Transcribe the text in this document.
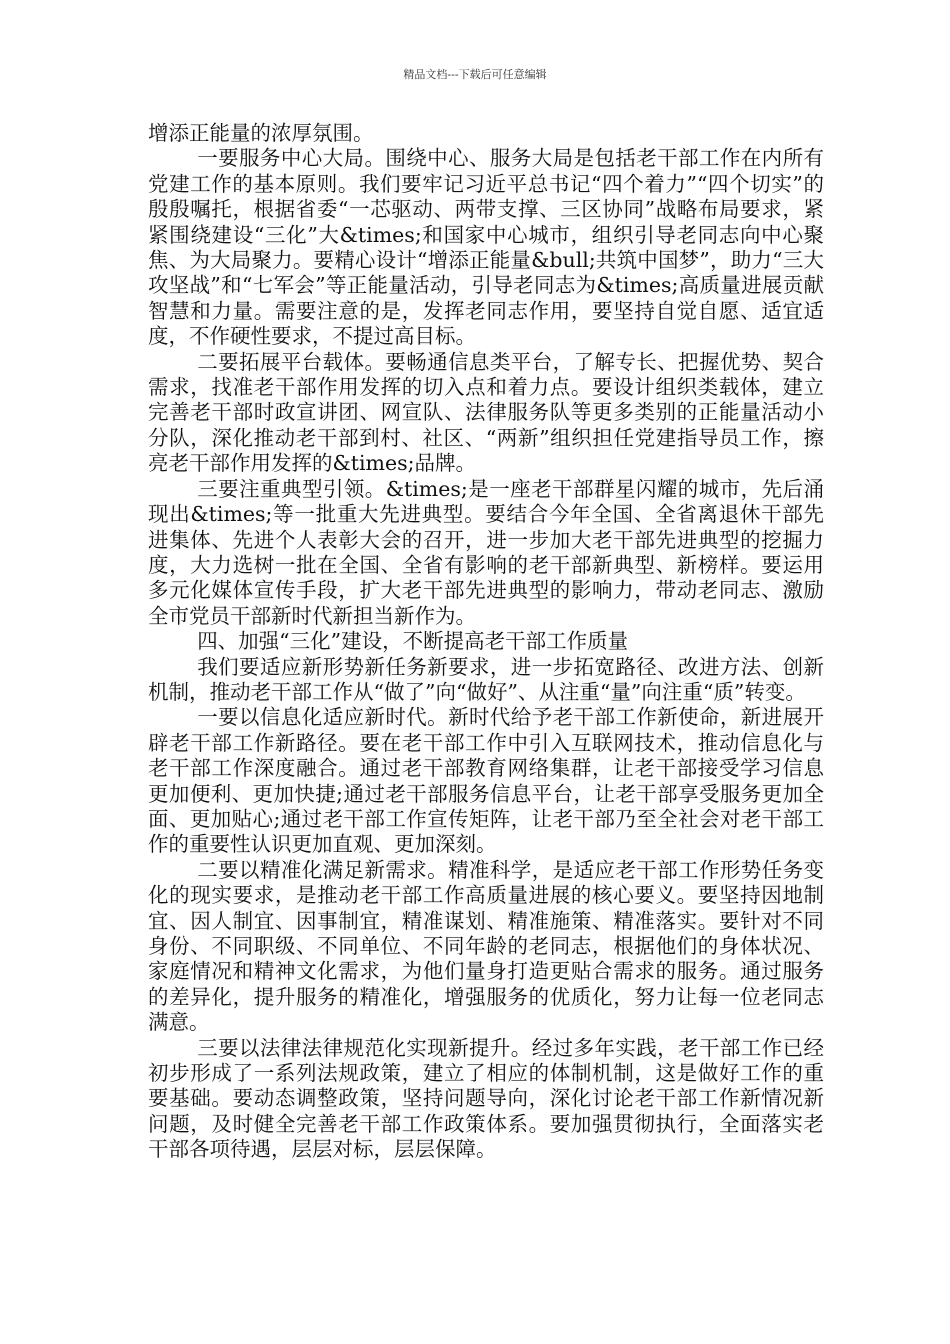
精品文档---下载后可任意编辑

增添正能量的浓厚氛围。

一要服务中心大局。围绕中心、服务大局是包括老干部工作在内所有党建工作的基本原则。我们要牢记习近平总书记“四个着力”“四个切实”的殷殷嘱托，根据省委“一芯驱动、两带支撑、三区协同”战略布局要求，紧紧围绕建设“三化”大&times;和国家中心城市，组织引导老同志向中心聚焦、为大局聚力。要精心设计“增添正能量&bull;共筑中国梦”，助力“三大攻坚战”和“七军会”等正能量活动，引导老同志为&times;高质量进展贡献智慧和力量。需要注意的是，发挥老同志作用，要坚持自觉自愿、适宜适度，不作硬性要求，不提过高目标。

二要拓展平台载体。要畅通信息类平台，了解专长、把握优势、契合需求，找准老干部作用发挥的切入点和着力点。要设计组织类载体，建立完善老干部时政宣讲团、网宣队、法律服务队等更多类别的正能量活动小分队，深化推动老干部到村、社区、“两新”组织担任党建指导员工作，擦亮老干部作用发挥的&times;品牌。

三要注重典型引领。&times;是一座老干部群星闪耀的城市，先后涌现出&times;等一批重大先进典型。要结合今年全国、全省离退休干部先进集体、先进个人表彰大会的召开，进一步加大老干部先进典型的挖掘力度，大力选树一批在全国、全省有影响的老干部新典型、新榜样。要运用多元化媒体宣传手段，扩大老干部先进典型的影响力，带动老同志、激励全市党员干部新时代新担当新作为。

四、加强“三化”建设，不断提高老干部工作质量

我们要适应新形势新任务新要求，进一步拓宽路径、改进方法、创新机制，推动老干部工作从“做了”向“做好”、从注重“量”向注重“质”转变。

一要以信息化适应新时代。新时代给予老干部工作新使命，新进展开辟老干部工作新路径。要在老干部工作中引入互联网技术，推动信息化与老干部工作深度融合。通过老干部教育网络集群，让老干部接受学习信息更加便利、更加快捷;通过老干部服务信息平台，让老干部享受服务更加全面、更加贴心;通过老干部工作宣传矩阵，让老干部乃至全社会对老干部工作的重要性认识更加直观、更加深刻。

二要以精准化满足新需求。精准科学，是适应老干部工作形势任务变化的现实要求，是推动老干部工作高质量进展的核心要义。要坚持因地制宜、因人制宜、因事制宜，精准谋划、精准施策、精准落实。要针对不同身份、不同职级、不同单位、不同年龄的老同志，根据他们的身体状况、家庭情况和精神文化需求，为他们量身打造更贴合需求的服务。通过服务的差异化，提升服务的精准化，增强服务的优质化，努力让每一位老同志满意。

三要以法律法律规范化实现新提升。经过多年实践，老干部工作已经初步形成了一系列法规政策，建立了相应的体制机制，这是做好工作的重要基础。要动态调整政策，坚持问题导向，深化讨论老干部工作新情况新问题，及时健全完善老干部工作政策体系。要加强贯彻执行，全面落实老干部各项待遇，层层对标，层层保障。
